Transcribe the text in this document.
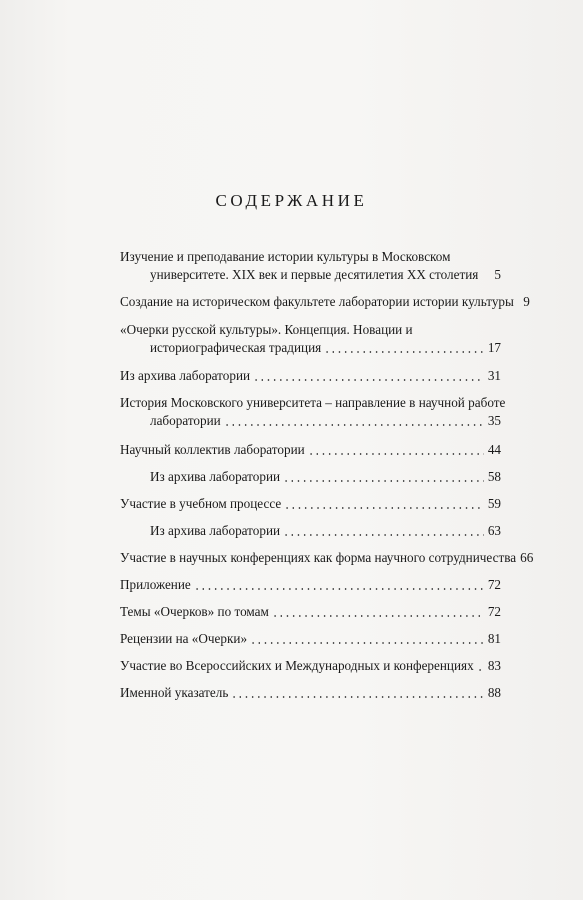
СОДЕРЖАНИЕ
Изучение и преподавание истории культуры в Московском
университете. XIX век и первые десятилетия XX столетия	5
Создание на историческом факультете лаборатории истории культуры 9
«Очерки русской культуры». Концепция. Новации и
историографическая традиция	17
Из архива лаборатории	31
История Московского университета – направление в научной работе
лаборатории	35
Научный коллектив лаборатории	44
Из архива лаборатории	58
Участие в учебном процессе	59
Из архива лаборатории	63
Участие в научных конференциях как форма научного сотрудничества 66
Приложение	72
Темы «Очерков» по томам	72
Рецензии на «Очерки»	81
Участие во Всероссийских и Международных и конференциях 83
Именной указатель	88
